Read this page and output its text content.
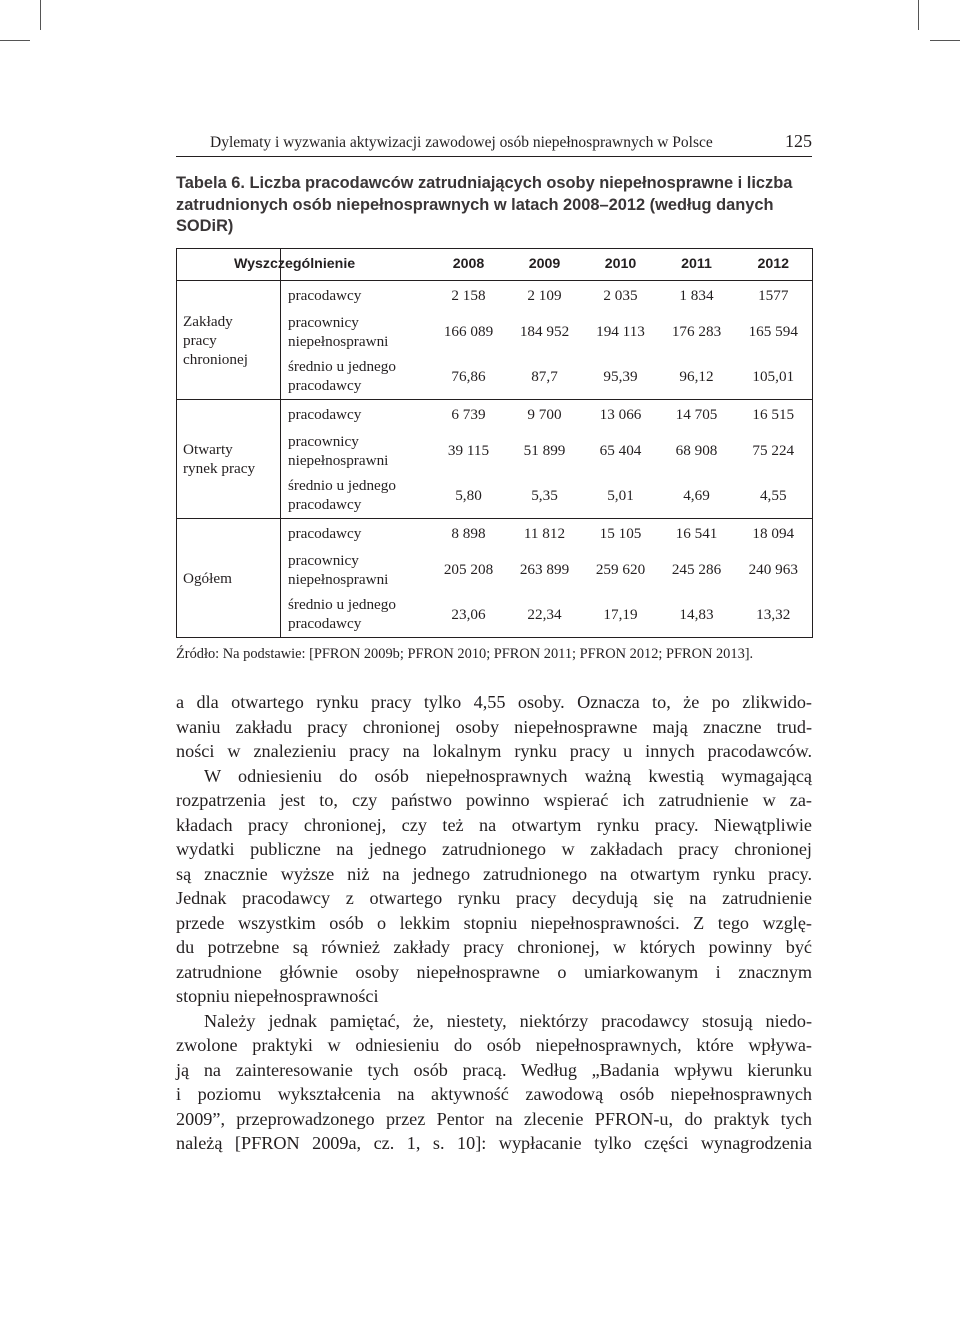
Dylematy i wyzwania aktywizacji zawodowej osób niepełnosprawnych w Polsce	125
Tabela 6. Liczba pracodawców zatrudniających osoby niepełnosprawne i liczba
zatrudnionych osób niepełnosprawnych w latach 2008–2012 (według danych
SODiR)
	Wyszczególnienie	2008	2009	2010	2011	2012

Zakłady
pracy
chronionej	pracodawcy	2 158	2 109	2 035	1 834	1577

	pracownicy
niepełnosprawni	166 089	184 952	194 113	176 283	165 594

	średnio u jednego
pracodawcy	76,86	87,7	95,39	96,12	105,01

Otwarty
rynek pracy	pracodawcy	6 739	9 700	13 066	14 705	16 515

	pracownicy
niepełnosprawni	39 115	51 899	65 404	68 908	75 224

	średnio u jednego
pracodawcy	5,80	5,35	5,01	4,69	4,55

Ogółem	pracodawcy	8 898	11 812	15 105	16 541	18 094

	pracownicy
niepełnosprawni	205 208	263 899	259 620	245 286	240 963

	średnio u jednego
pracodawcy	23,06	22,34	17,19	14,83	13,32
Źródło: Na podstawie: [PFRON 2009b; PFRON 2010; PFRON 2011; PFRON 2012; PFRON 2013].
a dla otwartego rynku pracy tylko 4,55 osoby. Oznacza to, że po zlikwido-
waniu zakładu pracy chronionej osoby niepełnosprawne mają znaczne trud-
ności w znalezieniu pracy na lokalnym rynku pracy u innych pracodawców.
W odniesieniu do osób niepełnosprawnych ważną kwestią wymagającą
rozpatrzenia jest to, czy państwo powinno wspierać ich zatrudnienie w za-
kładach pracy chronionej, czy też na otwartym rynku pracy. Niewątpliwie
wydatki publiczne na jednego zatrudnionego w zakładach pracy chronionej
są znacznie wyższe niż na jednego zatrudnionego na otwartym rynku pracy.
Jednak pracodawcy z otwartego rynku pracy decydują się na zatrudnienie
przede wszystkim osób o lekkim stopniu niepełnosprawności. Z tego wzglę-
du potrzebne są również zakłady pracy chronionej, w których powinny być
zatrudnione głównie osoby niepełnosprawne o umiarkowanym i znacznym
stopniu niepełnosprawności
Należy jednak pamiętać, że, niestety, niektórzy pracodawcy stosują niedo-
zwolone praktyki w odniesieniu do osób niepełnosprawnych, które wpływa-
ją na zainteresowanie tych osób pracą. Według „Badania wpływu kierunku
i poziomu wykształcenia na aktywność zawodową osób niepełnosprawnych
2009”, przeprowadzonego przez Pentor na zlecenie PFRON-u, do praktyk tych
należą [PFRON 2009a, cz. 1, s. 10]: wypłacanie tylko części wynagrodzenia
